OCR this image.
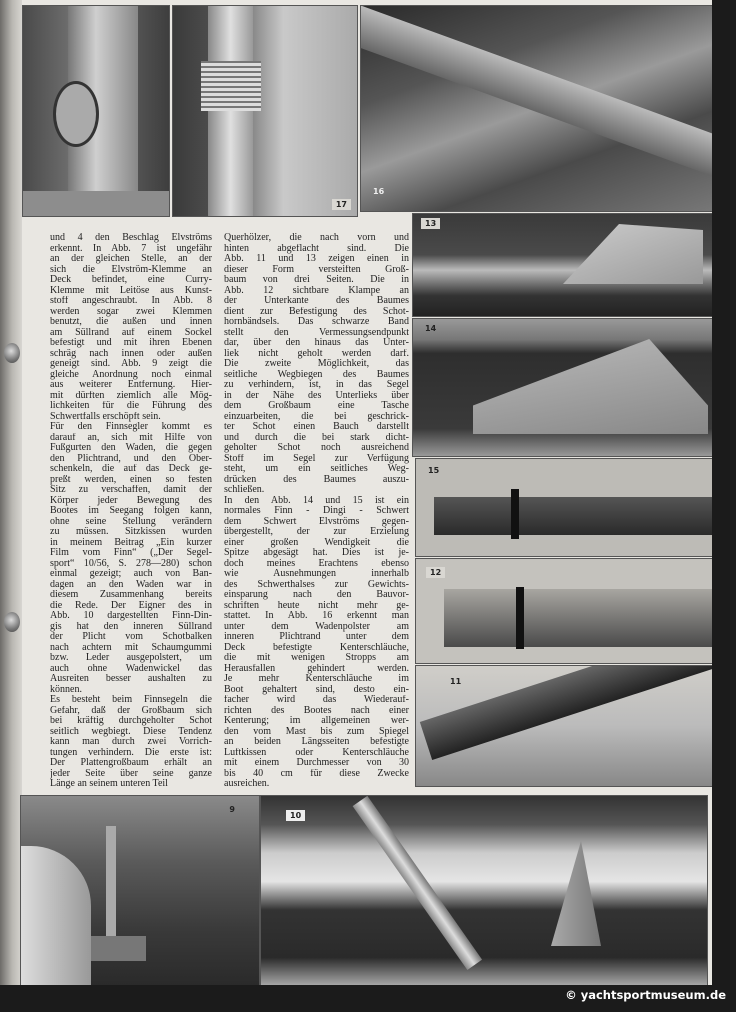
17
16
13
14
15
12
11
9
10
und 4 den Beschlag Elvströms
erkennt. In Abb. 7 ist ungefähr
an der gleichen Stelle, an der
sich die Elvström-Klemme an
Deck befindet, eine Curry-
Klemme mit Leitöse aus Kunst-
stoff angeschraubt. In Abb. 8
werden sogar zwei Klemmen
benutzt, die außen und innen
am Süllrand auf einem Sockel
befestigt und mit ihren Ebenen
schräg nach innen oder außen
geneigt sind. Abb. 9 zeigt die
gleiche Anordnung noch einmal
aus weiterer Entfernung. Hier-
mit dürften ziemlich alle Mög-
lichkeiten für die Führung des
Schwertfalls erschöpft sein.
Für den Finnsegler kommt es
darauf an, sich mit Hilfe von
Fußgurten den Waden, die gegen
den Plichtrand, und den Ober-
schenkeln, die auf das Deck ge-
preßt werden, einen so festen
Sitz zu verschaffen, damit der
Körper jeder Bewegung des
Bootes im Seegang folgen kann,
ohne seine Stellung verändern
zu müssen. Sitzkissen wurden
in meinem Beitrag „Ein kurzer
Film vom Finn“ („Der Segel-
sport“ 10/56, S. 278—280) schon
einmal gezeigt; auch von Ban-
dagen an den Waden war in
diesem Zusammenhang bereits
die Rede. Der Eigner des in
Abb. 10 dargestellten Finn-Din-
gis hat den inneren Süllrand
der Plicht vom Schotbalken
nach achtern mit Schaumgummi
bzw. Leder ausgepolstert, um
auch ohne Wadenwickel das
Ausreiten besser aushalten zu
können.
Es besteht beim Finnsegeln die
Gefahr, daß der Großbaum sich
bei kräftig durchgeholter Schot
seitlich wegbiegt. Diese Tendenz
kann man durch zwei Vorrich-
tungen verhindern. Die erste ist:
Der Plattengroßbaum erhält an
jeder Seite über seine ganze
Länge an seinem unteren Teil
Querhölzer, die nach vorn und
hinten abgeflacht sind. Die
Abb. 11 und 13 zeigen einen in
dieser Form versteiften Groß-
baum von drei Seiten. Die in
Abb. 12 sichtbare Klampe an
der Unterkante des Baumes
dient zur Befestigung des Schot-
hornbändsels. Das schwarze Band
stellt den Vermessungsendpunkt
dar, über den hinaus das Unter-
liek nicht geholt werden darf.
Die zweite Möglichkeit, das
seitliche Wegbiegen des Baumes
zu verhindern, ist, in das Segel
in der Nähe des Unterlieks über
dem Großbaum eine Tasche
einzuarbeiten, die bei geschrick-
ter Schot einen Bauch darstellt
und durch die bei stark dicht-
geholter Schot noch ausreichend
Stoff im Segel zur Verfügung
steht, um ein seitliches Weg-
drücken des Baumes auszu-
schließen.
In den Abb. 14 und 15 ist ein
normales Finn - Dingi - Schwert
dem Schwert Elvströms gegen-
übergestellt, der zur Erzielung
einer großen Wendigkeit die
Spitze abgesägt hat. Dies ist je-
doch meines Erachtens ebenso
wie Ausnehmungen innerhalb
des Schwerthalses zur Gewichts-
einsparung nach den Bauvor-
schriften heute nicht mehr ge-
stattet. In Abb. 16 erkennt man
unter dem Wadenpolster am
inneren Plichtrand unter dem
Deck befestigte Kenterschläuche,
die mit wenigen Stropps am
Herausfallen gehindert werden.
Je mehr Kenterschläuche im
Boot gehaltert sind, desto ein-
facher wird das Wiederauf-
richten des Bootes nach einer
Kenterung; im allgemeinen wer-
den vom Mast bis zum Spiegel
an beiden Längsseiten befestigte
Luftkissen oder Kenterschläuche
mit einem Durchmesser von 30
bis 40 cm für diese Zwecke
ausreichen.
© yachtsportmuseum.de
